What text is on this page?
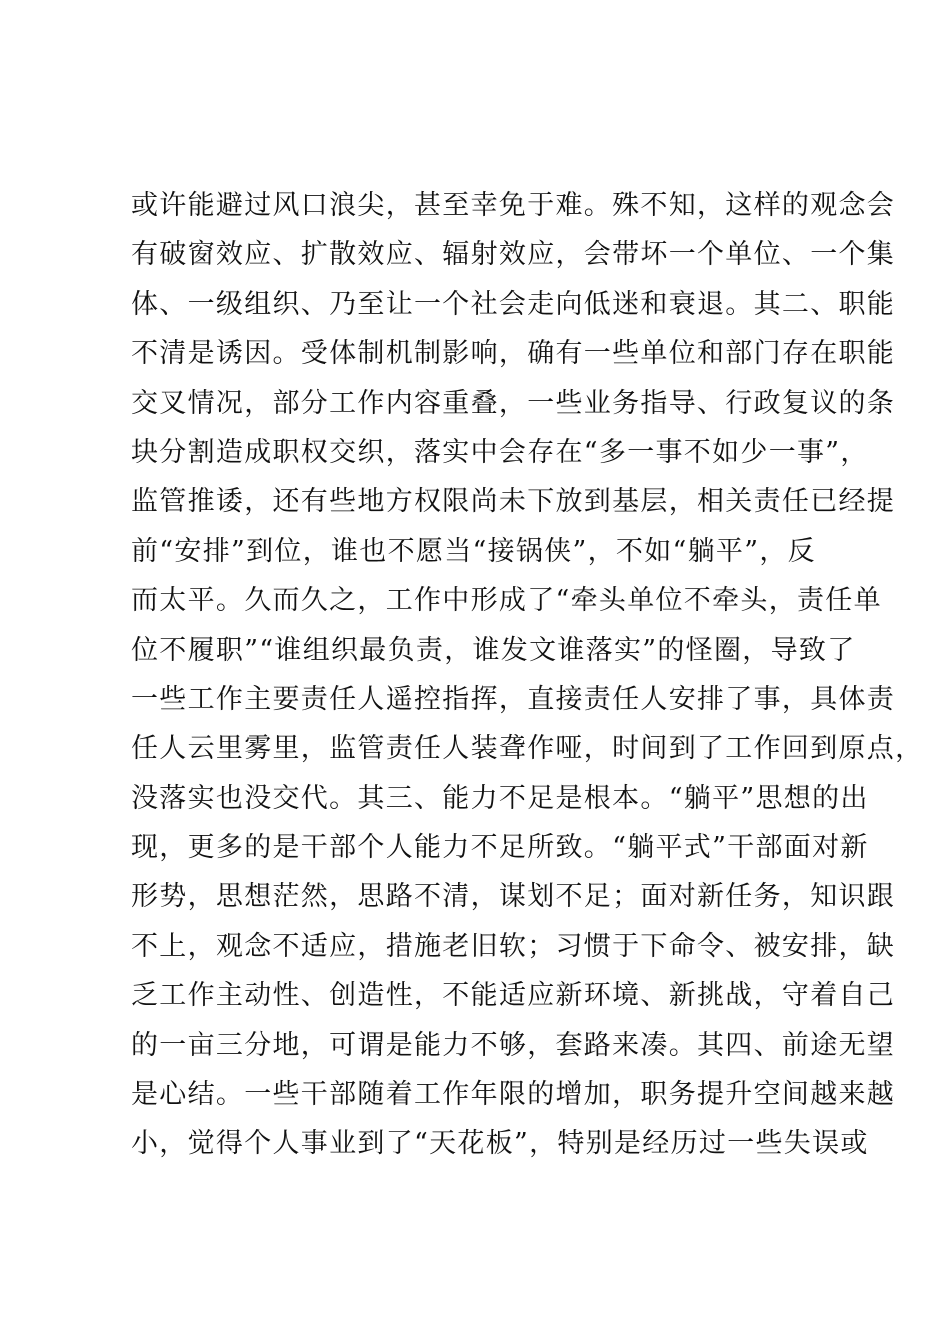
或许能避过风口浪尖，甚至幸免于难。殊不知，这样的观念会
有破窗效应、扩散效应、辐射效应，会带坏一个单位、一个集
体、一级组织、乃至让一个社会走向低迷和衰退。其二、职能
不清是诱因。受体制机制影响，确有一些单位和部门存在职能
交叉情况，部分工作内容重叠，一些业务指导、行政复议的条
块分割造成职权交织，落实中会存在“多一事不如少一事”，
监管推诿，还有些地方权限尚未下放到基层，相关责任已经提
前“安排”到位，谁也不愿当“接锅侠”，不如“躺平”，反
而太平。久而久之，工作中形成了“牵头单位不牵头，责任单
位不履职”“谁组织最负责，谁发文谁落实”的怪圈，导致了
一些工作主要责任人遥控指挥，直接责任人安排了事，具体责
任人云里雾里，监管责任人装聋作哑，时间到了工作回到原点，
没落实也没交代。其三、能力不足是根本。“躺平”思想的出
现，更多的是干部个人能力不足所致。“躺平式”干部面对新
形势，思想茫然，思路不清，谋划不足；面对新任务，知识跟
不上，观念不适应，措施老旧软；习惯于下命令、被安排，缺
乏工作主动性、创造性，不能适应新环境、新挑战，守着自己
的一亩三分地，可谓是能力不够，套路来凑。其四、前途无望
是心结。一些干部随着工作年限的增加，职务提升空间越来越
小，觉得个人事业到了“天花板”，特别是经历过一些失误或
